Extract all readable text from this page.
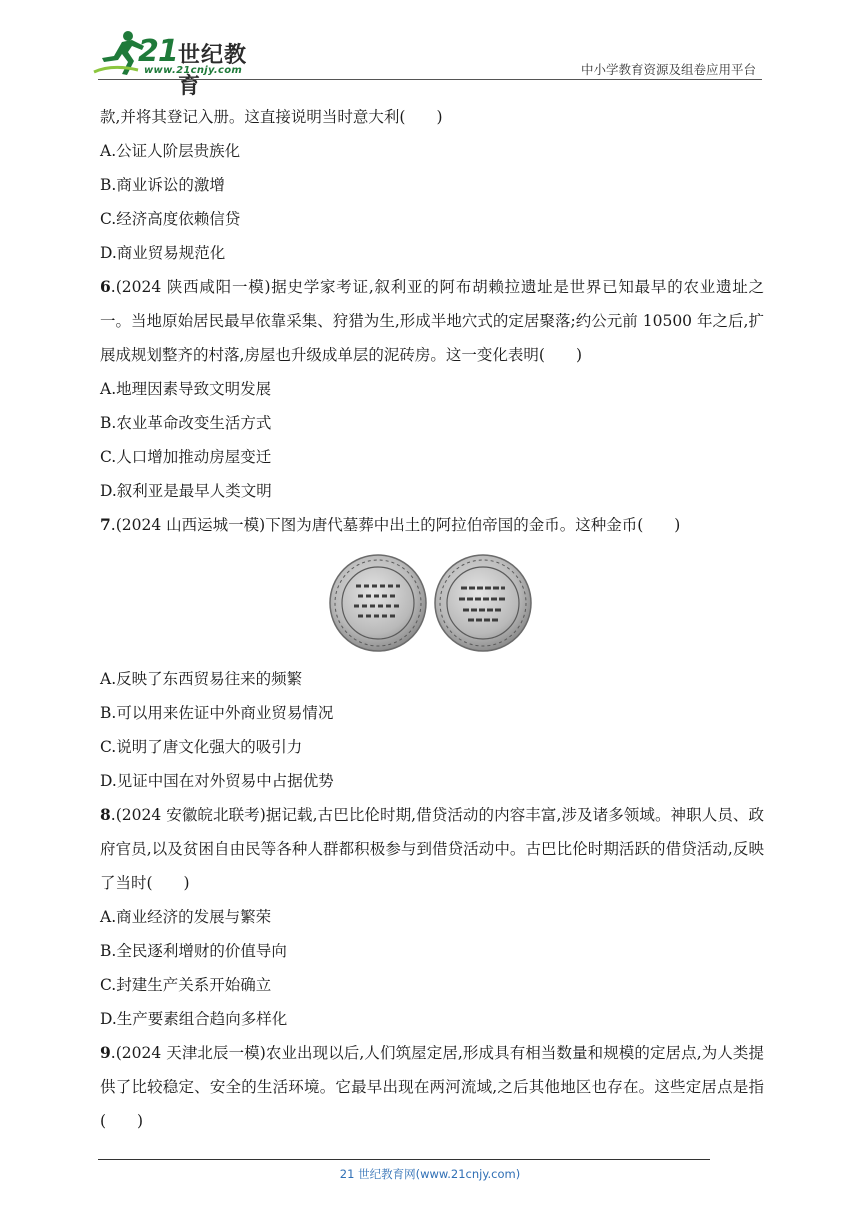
21 世纪教育
www.21cnjy.com	中小学教育资源及组卷应用平台
款,并将其登记入册。这直接说明当时意大利(　　)
A.公证人阶层贵族化
B.商业诉讼的激增
C.经济高度依赖信贷
D.商业贸易规范化
6.(2024 陕西咸阳一模)据史学家考证,叙利亚的阿布胡赖拉遗址是世界已知最早的农业遗址之一。当地原始居民最早依靠采集、狩猎为生,形成半地穴式的定居聚落;约公元前 10500 年之后,扩展成规划整齐的村落,房屋也升级成单层的泥砖房。这一变化表明(　　)
A.地理因素导致文明发展
B.农业革命改变生活方式
C.人口增加推动房屋变迁
D.叙利亚是最早人类文明
7.(2024 山西运城一模)下图为唐代墓葬中出土的阿拉伯帝国的金币。这种金币(　　)
A.反映了东西贸易往来的频繁
B.可以用来佐证中外商业贸易情况
C.说明了唐文化强大的吸引力
D.见证中国在对外贸易中占据优势
8.(2024 安徽皖北联考)据记载,古巴比伦时期,借贷活动的内容丰富,涉及诸多领域。神职人员、政府官员,以及贫困自由民等各种人群都积极参与到借贷活动中。古巴比伦时期活跃的借贷活动,反映了当时(　　)
A.商业经济的发展与繁荣
B.全民逐利增财的价值导向
C.封建生产关系开始确立
D.生产要素组合趋向多样化
9.(2024 天津北辰一模)农业出现以后,人们筑屋定居,形成具有相当数量和规模的定居点,为人类提供了比较稳定、安全的生活环境。它最早出现在两河流域,之后其他地区也存在。这些定居点是指(　　)
21 世纪教育网(www.21cnjy.com)
